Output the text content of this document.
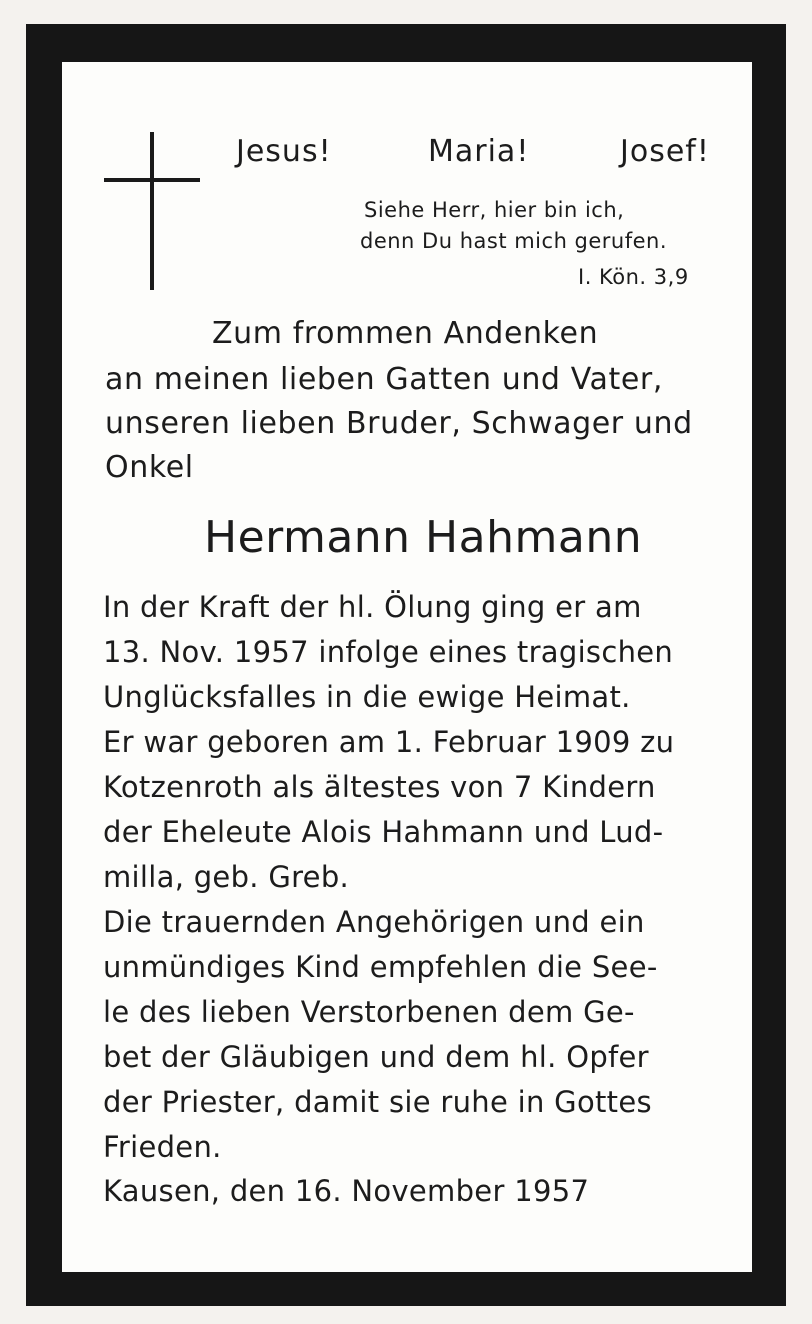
Jesus!	Maria!	Josef!
Siehe Herr, hier bin ich,
denn Du hast mich gerufen.
I. Kön. 3,9
Zum frommen Andenken
an meinen lieben Gatten und Vater,
unseren lieben Bruder, Schwager und
Onkel
Hermann Hahmann
In der Kraft der hl. Ölung ging er am
13. Nov. 1957 infolge eines tragischen
Unglücksfalles in die ewige Heimat.
Er war geboren am 1. Februar 1909 zu
Kotzenroth als ältestes von 7 Kindern
der Eheleute Alois Hahmann und Lud-
milla, geb. Greb.
Die trauernden Angehörigen und ein
unmündiges Kind empfehlen die See-
le des lieben Verstorbenen dem Ge-
bet der Gläubigen und dem hl. Opfer
der Priester, damit sie ruhe in Gottes
Frieden.
Kausen, den 16. November 1957
